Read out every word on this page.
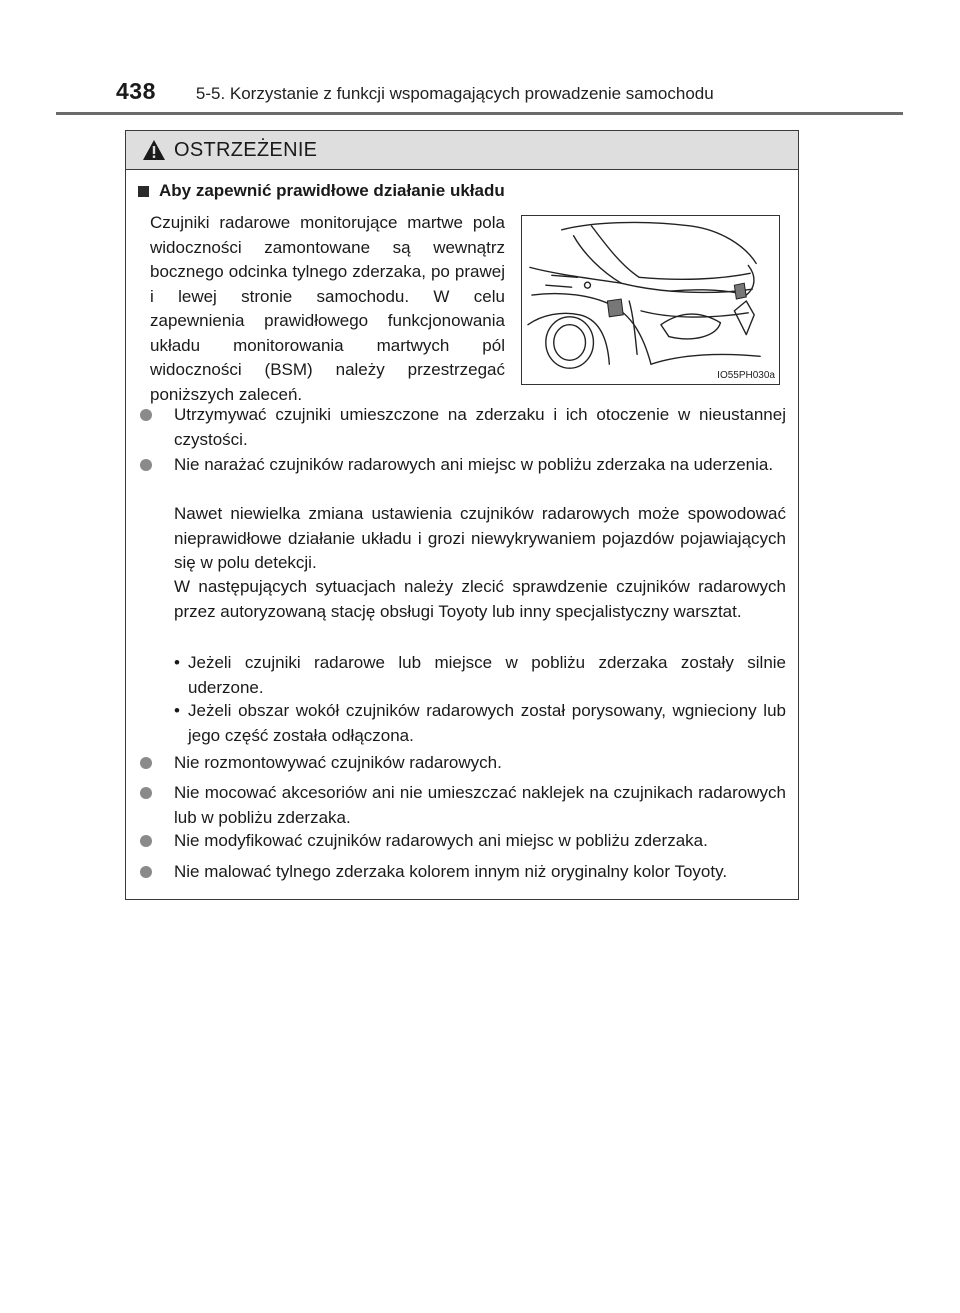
438 5-5. Korzystanie z funkcji wspomagających prowadzenie samochodu
OSTRZEŻENIE
Aby zapewnić prawidłowe działanie układu
Czujniki radarowe monitorujące martwe pola widoczności zamontowane są wewnątrz bocznego odcinka tylnego zderzaka, po prawej i lewej stronie samochodu. W celu zapewnienia prawidłowego funkcjonowania układu monitorowania martwych pól widoczności (BSM) należy przestrzegać poniższych zaleceń.
IO55PH030a
Utrzymywać czujniki umieszczone na zderzaku i ich otoczenie w nieustannej czystości.
Nie narażać czujników radarowych ani miejsc w pobliżu zderzaka na uderzenia.
Nawet niewielka zmiana ustawienia czujników radarowych może spowodować nieprawidłowe działanie układu i grozi niewykrywaniem pojazdów pojawiających się w polu detekcji.
W następujących sytuacjach należy zlecić sprawdzenie czujników radarowych przez autoryzowaną stację obsługi Toyoty lub inny specjalistyczny warsztat.
• Jeżeli czujniki radarowe lub miejsce w pobliżu zderzaka zostały silnie uderzone.
• Jeżeli obszar wokół czujników radarowych został porysowany, wgnieciony lub jego część została odłączona.
Nie rozmontowywać czujników radarowych.
Nie mocować akcesoriów ani nie umieszczać naklejek na czujnikach radarowych lub w pobliżu zderzaka.
Nie modyfikować czujników radarowych ani miejsc w pobliżu zderzaka.
Nie malować tylnego zderzaka kolorem innym niż oryginalny kolor Toyoty.
